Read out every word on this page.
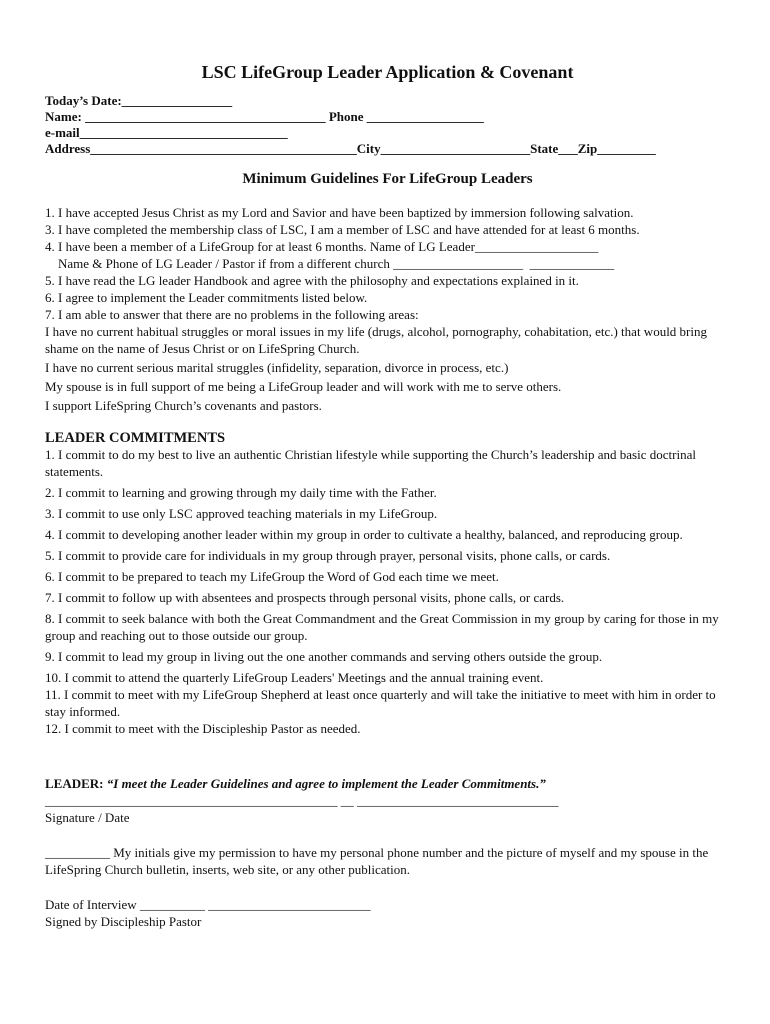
LSC LifeGroup Leader Application & Covenant
Today’s Date:_________________
Name: _____________________________________ Phone __________________
e-mail________________________________
Address_________________________________________City_______________________State___Zip_________
Minimum Guidelines For LifeGroup Leaders
1. I have accepted Jesus Christ as my Lord and Savior and have been baptized by immersion following salvation.
3. I have completed the membership class of LSC, I am a member of LSC and have attended for at least 6 months.
4. I have been a member of a LifeGroup for at least 6 months. Name of LG Leader___________________
Name & Phone of LG Leader / Pastor if from a different church ____________________  _____________
5. I have read the LG leader Handbook and agree with the philosophy and expectations explained in it.
6. I agree to implement the Leader commitments listed below.
7. I am able to answer that there are no problems in the following areas:
I have no current habitual struggles or moral issues in my life (drugs, alcohol, pornography, cohabitation, etc.) that would bring shame on the name of Jesus Christ or on LifeSpring Church.
I have no current serious marital struggles (infidelity, separation, divorce in process, etc.)
My spouse is in full support of me being a LifeGroup leader and will work with me to serve others.
I support LifeSpring Church’s covenants and pastors.
LEADER COMMITMENTS
1. I commit to do my best to live an authentic Christian lifestyle while supporting the Church’s leadership and basic doctrinal statements.
2. I commit to learning and growing through my daily time with the Father.
3. I commit to use only LSC approved teaching materials in my LifeGroup.
4. I commit to developing another leader within my group in order to cultivate a healthy, balanced, and reproducing group.
5. I commit to provide care for individuals in my group through prayer, personal visits, phone calls, or cards.
6. I commit to be prepared to teach my LifeGroup the Word of God each time we meet.
7. I commit to follow up with absentees and prospects through personal visits, phone calls, or cards.
8. I commit to seek balance with both the Great Commandment and the Great Commission in my group by caring for those in my group and reaching out to those outside our group.
9. I commit to lead my group in living out the one another commands and serving others outside the group.
10. I commit to attend the quarterly LifeGroup Leaders' Meetings and the annual training event.
11. I commit to meet with my LifeGroup Shepherd at least once quarterly and will take the initiative to meet with him in order to stay informed.
12. I commit to meet with the Discipleship Pastor as needed.
LEADER: “I meet the Leader Guidelines and agree to implement the Leader Commitments.”
_____________________________________________ __ _______________________________
Signature / Date
__________ My initials give my permission to have my personal phone number and the picture of myself and my spouse in the LifeSpring Church bulletin, inserts, web site, or any other publication.
Date of Interview __________ _________________________
Signed by Discipleship Pastor
